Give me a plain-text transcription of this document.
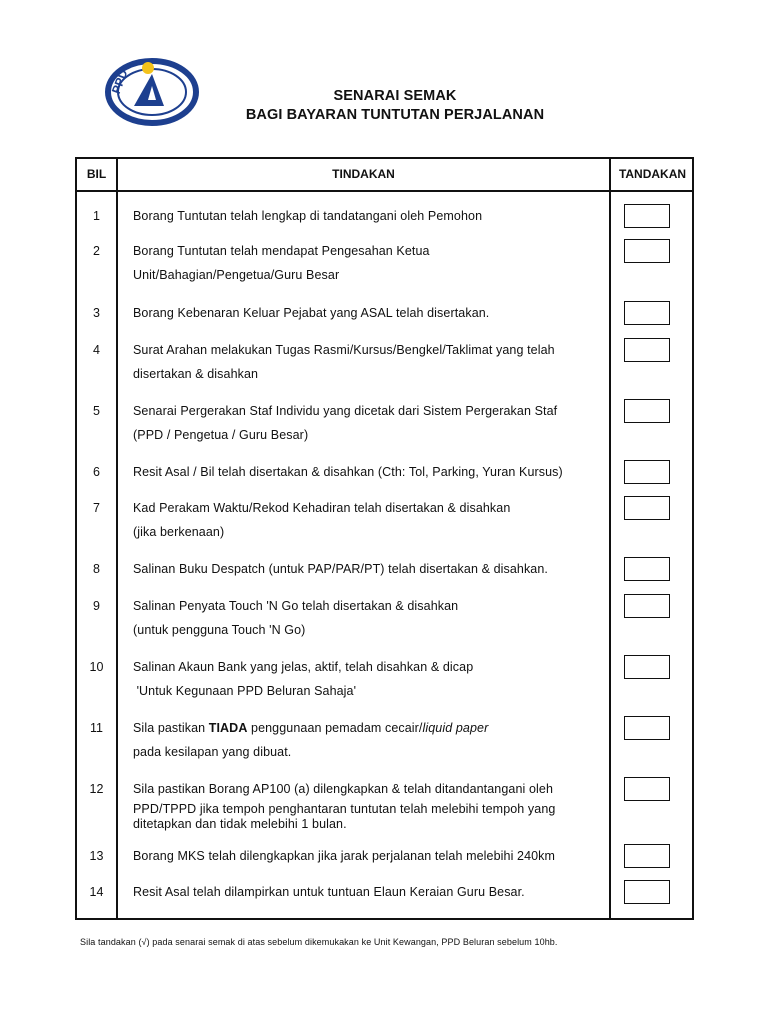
PPD
SENARAI SEMAK
BAGI BAYARAN TUNTUTAN PERJALANAN
BIL	TINDAKAN	TANDAKAN
1	Borang Tuntutan telah lengkap di tandatangani oleh Pemohon
2	Borang Tuntutan telah mendapat Pengesahan Ketua
Unit/Bahagian/Pengetua/Guru Besar
3	Borang Kebenaran Keluar Pejabat yang ASAL telah disertakan.
4	Surat Arahan melakukan Tugas Rasmi/Kursus/Bengkel/Taklimat yang telah
disertakan & disahkan
5	Senarai Pergerakan Staf Individu yang dicetak dari Sistem Pergerakan Staf
(PPD / Pengetua / Guru Besar)
6	Resit Asal / Bil telah disertakan & disahkan (Cth: Tol, Parking, Yuran Kursus)
7	Kad Perakam Waktu/Rekod Kehadiran telah disertakan & disahkan
(jika berkenaan)
8	Salinan Buku Despatch (untuk PAP/PAR/PT) telah disertakan & disahkan.
9	Salinan Penyata Touch 'N Go telah disertakan & disahkan
(untuk pengguna Touch 'N Go)
10	Salinan Akaun Bank yang jelas, aktif, telah disahkan & dicap
'Untuk Kegunaan PPD Beluran Sahaja'
11	Sila pastikan TIADA penggunaan pemadam cecair/liquid paper
pada kesilapan yang dibuat.
12	Sila pastikan Borang AP100 (a) dilengkapkan & telah ditandantangani oleh
PPD/TPPD jika tempoh penghantaran tuntutan telah melebihi tempoh yang
ditetapkan dan tidak melebihi 1 bulan.
13	Borang MKS telah dilengkapkan jika jarak perjalanan telah melebihi 240km
14	Resit Asal telah dilampirkan untuk tuntuan Elaun Keraian Guru Besar.
Sila tandakan (√) pada senarai semak di atas sebelum dikemukakan ke Unit Kewangan, PPD Beluran sebelum 10hb.
